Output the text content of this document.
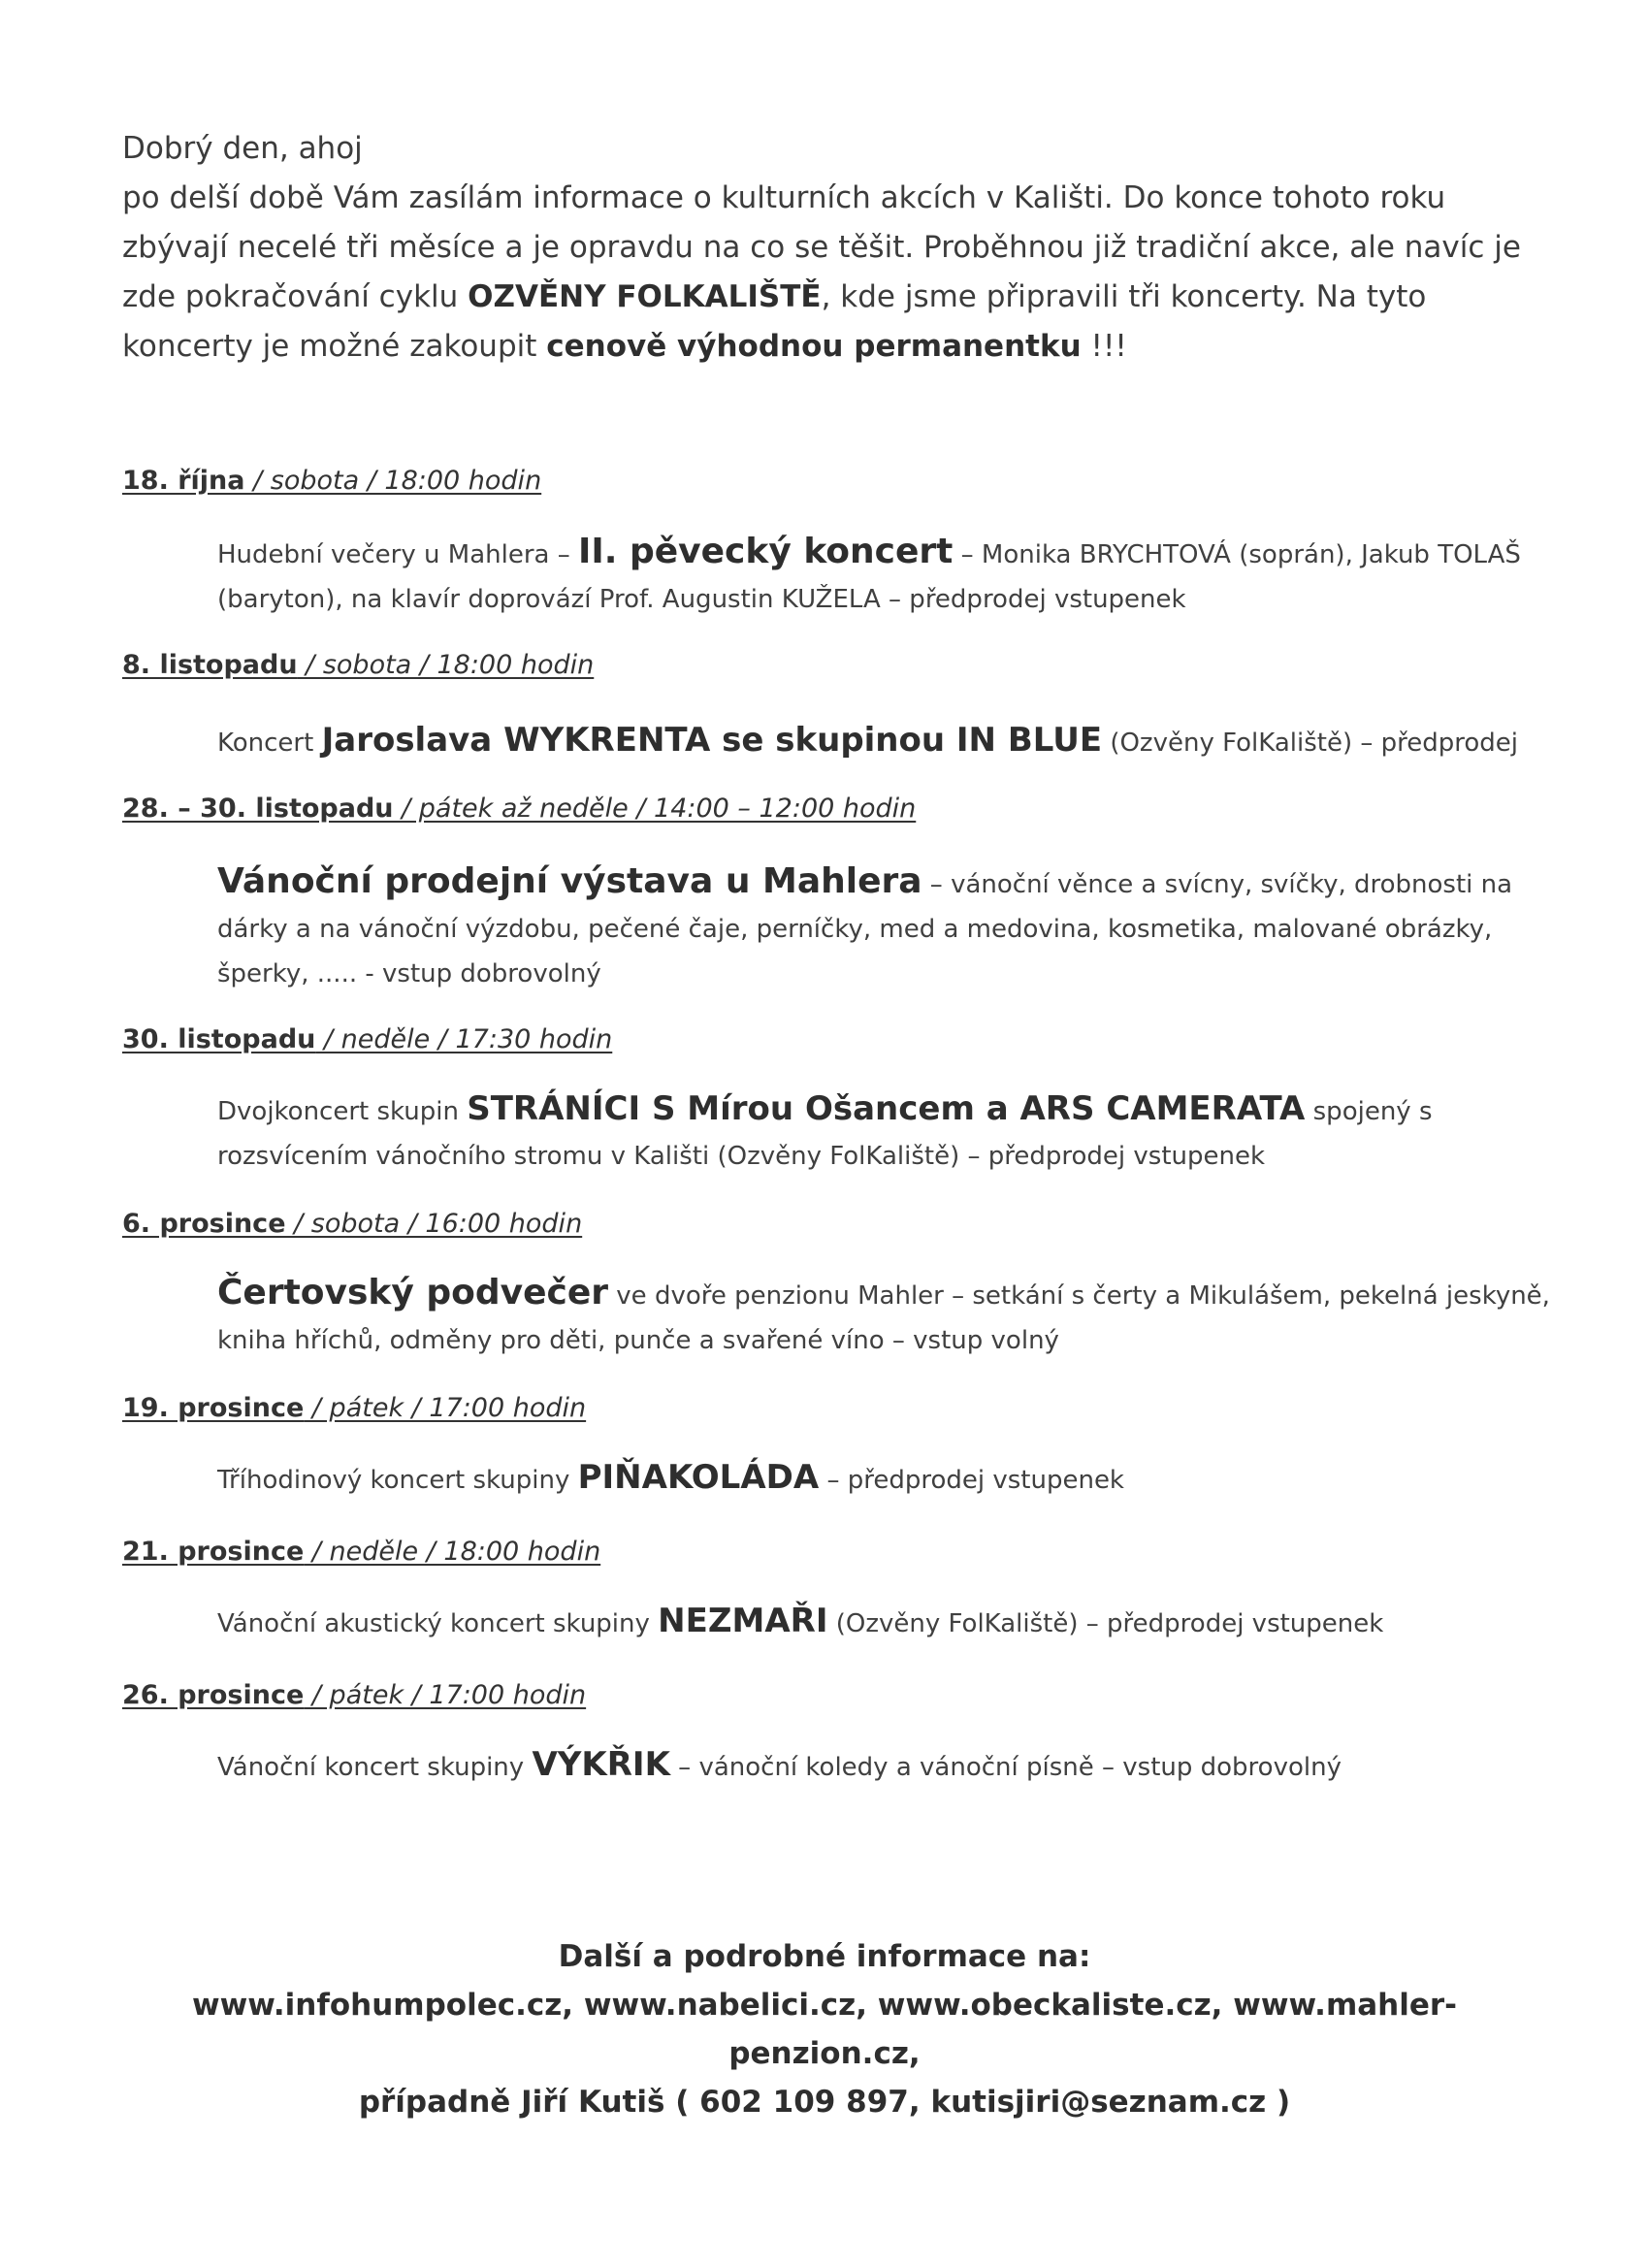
Dobrý den, ahoj

po delší době Vám zasílám informace o kulturních akcích v Kališti. Do konce tohoto roku zbývají necelé tři měsíce a je opravdu na co se těšit. Proběhnou již tradiční akce, ale navíc je zde pokračování cyklu OZVĚNY FOLKALIŠTĚ, kde jsme připravili tři koncerty. Na tyto koncerty je možné zakoupit cenově výhodnou permanentku !!!

18. října / sobota / 18:00 hodin

Hudební večery u Mahlera – II. pěvecký koncert – Monika BRYCHTOVÁ (soprán), Jakub TOLAŠ (baryton), na klavír doprovází Prof. Augustin KUŽELA – předprodej vstupenek

8. listopadu / sobota / 18:00 hodin

Koncert Jaroslava WYKRENTA se skupinou IN BLUE (Ozvěny FolKaliště) – předprodej

28. – 30. listopadu / pátek až neděle / 14:00 – 12:00 hodin

Vánoční prodejní výstava u Mahlera – vánoční věnce a svícny, svíčky, drobnosti na dárky a na vánoční výzdobu, pečené čaje, perníčky, med a medovina, kosmetika, malované obrázky, šperky, ..... - vstup dobrovolný

30. listopadu / neděle / 17:30 hodin

Dvojkoncert skupin STRÁNÍCI S Mírou Ošancem a ARS CAMERATA spojený s rozsvícením vánočního stromu v Kališti (Ozvěny FolKaliště) – předprodej vstupenek

6. prosince / sobota / 16:00 hodin

Čertovský podvečer ve dvoře penzionu Mahler – setkání s čerty a Mikulášem, pekelná jeskyně, kniha hříchů, odměny pro děti, punče a svařené víno – vstup volný

19. prosince / pátek / 17:00 hodin

Tříhodinový koncert skupiny PIŇAKOLÁDA – předprodej vstupenek

21. prosince / neděle / 18:00 hodin

Vánoční akustický koncert skupiny NEZMAŘI (Ozvěny FolKaliště) – předprodej vstupenek

26. prosince / pátek / 17:00 hodin

Vánoční koncert skupiny VÝKŘIK – vánoční koledy a vánoční písně – vstup dobrovolný

Další a podrobné informace na:

www.infohumpolec.cz, www.nabelici.cz, www.obeckaliste.cz, www.mahler-penzion.cz,

případně Jiří Kutiš ( 602 109 897, kutisjiri@seznam.cz )
